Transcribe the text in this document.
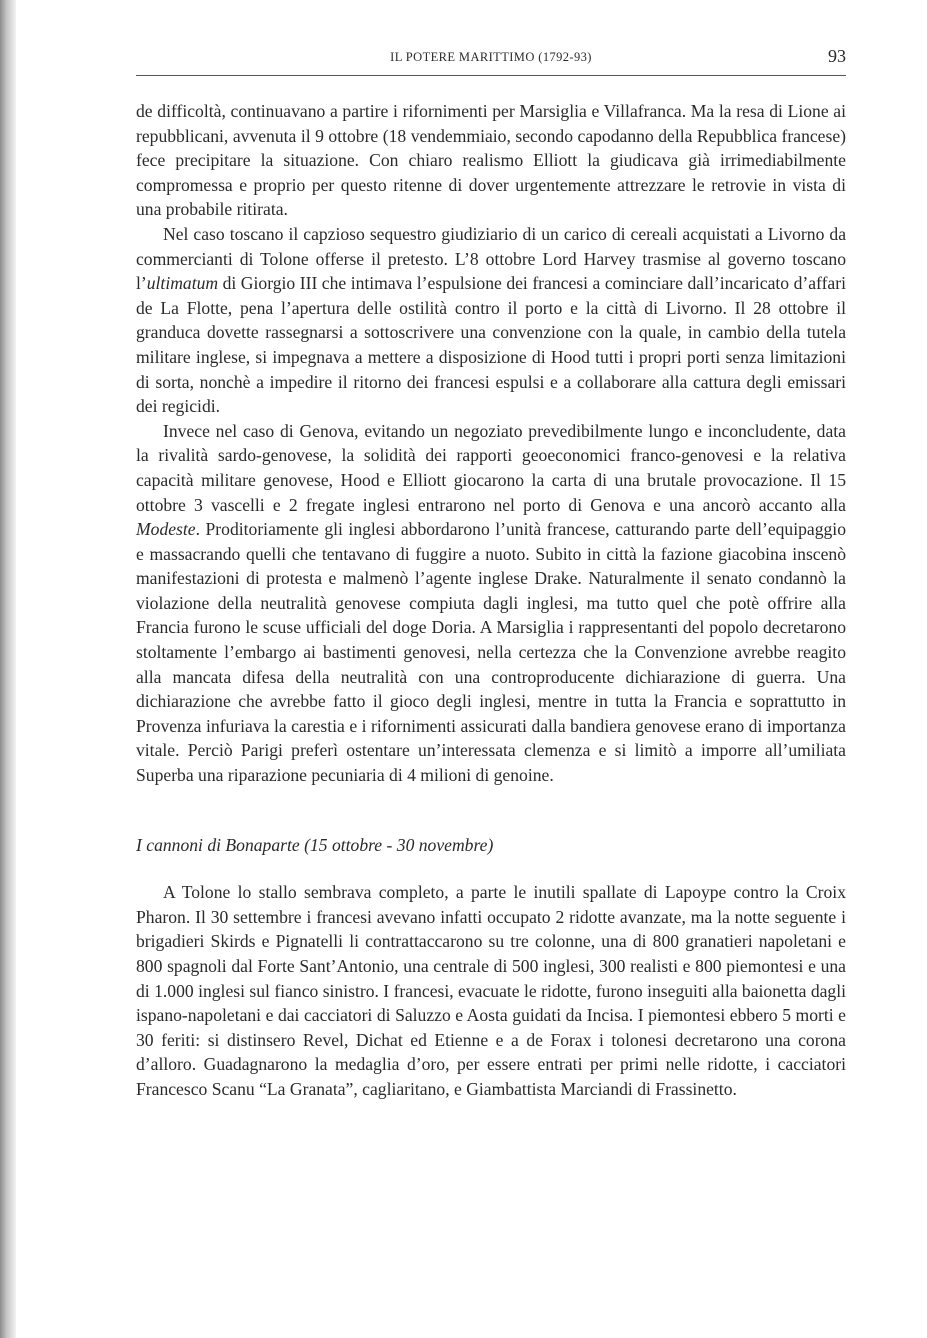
IL POTERE MARITTIMO (1792-93)	93

de difficoltà, continuavano a partire i rifornimenti per Marsiglia e Villafranca. Ma la resa di Lione ai repubblicani, avvenuta il 9 ottobre (18 vendemmiaio, secondo capodanno della Repubblica francese) fece precipitare la situazione. Con chiaro realismo Elliott la giudicava già irrimediabilmente compromessa e proprio per questo ritenne di dover urgentemente attrezzare le retrovie in vista di una probabile ritirata.

Nel caso toscano il capzioso sequestro giudiziario di un carico di cereali acquistati a Livorno da commercianti di Tolone offerse il pretesto. L’8 ottobre Lord Harvey trasmise al governo toscano l’ultimatum di Giorgio III che intimava l’espulsione dei francesi a cominciare dall’incaricato d’affari de La Flotte, pena l’apertura delle ostilità contro il porto e la città di Livorno. Il 28 ottobre il granduca dovette rassegnarsi a sottoscrivere una convenzione con la quale, in cambio della tutela militare inglese, si impegnava a mettere a disposizione di Hood tutti i propri porti senza limitazioni di sorta, nonchè a impedire il ritorno dei francesi espulsi e a collaborare alla cattura degli emissari dei regicidi.

Invece nel caso di Genova, evitando un negoziato prevedibilmente lungo e inconcludente, data la rivalità sardo-genovese, la solidità dei rapporti geoeconomici franco-genovesi e la relativa capacità militare genovese, Hood e Elliott giocarono la carta di una brutale provocazione. Il 15 ottobre 3 vascelli e 2 fregate inglesi entrarono nel porto di Genova e una ancorò accanto alla Modeste. Proditoriamente gli inglesi abbordarono l’unità francese, catturando parte dell’equipaggio e massacrando quelli che tentavano di fuggire a nuoto. Subito in città la fazione giacobina inscenò manifestazioni di protesta e malmenò l’agente inglese Drake. Naturalmente il senato condannò la violazione della neutralità genovese compiuta dagli inglesi, ma tutto quel che potè offrire alla Francia furono le scuse ufficiali del doge Doria. A Marsiglia i rappresentanti del popolo decretarono stoltamente l’embargo ai bastimenti genovesi, nella certezza che la Convenzione avrebbe reagito alla mancata difesa della neutralità con una controproducente dichiarazione di guerra. Una dichiarazione che avrebbe fatto il gioco degli inglesi, mentre in tutta la Francia e soprattutto in Provenza infuriava la carestia e i rifornimenti assicurati dalla bandiera genovese erano di importanza vitale. Perciò Parigi preferì ostentare un’interessata clemenza e si limitò a imporre all’umiliata Superba una riparazione pecuniaria di 4 milioni di genoine.

I cannoni di Bonaparte (15 ottobre - 30 novembre)

A Tolone lo stallo sembrava completo, a parte le inutili spallate di Lapoype contro la Croix Pharon. Il 30 settembre i francesi avevano infatti occupato 2 ridotte avanzate, ma la notte seguente i brigadieri Skirds e Pignatelli li contrattaccarono su tre colonne, una di 800 granatieri napoletani e 800 spagnoli dal Forte Sant’Antonio, una centrale di 500 inglesi, 300 realisti e 800 piemontesi e una di 1.000 inglesi sul fianco sinistro. I francesi, evacuate le ridotte, furono inseguiti alla baionetta dagli ispano-napoletani e dai cacciatori di Saluzzo e Aosta guidati da Incisa. I piemontesi ebbero 5 morti e 30 feriti: si distinsero Revel, Dichat ed Etienne e a de Forax i tolonesi decretarono una corona d’alloro. Guadagnarono la medaglia d’oro, per essere entrati per primi nelle ridotte, i cacciatori Francesco Scanu “La Granata”, cagliaritano, e Giambattista Marciandi di Frassinetto.
